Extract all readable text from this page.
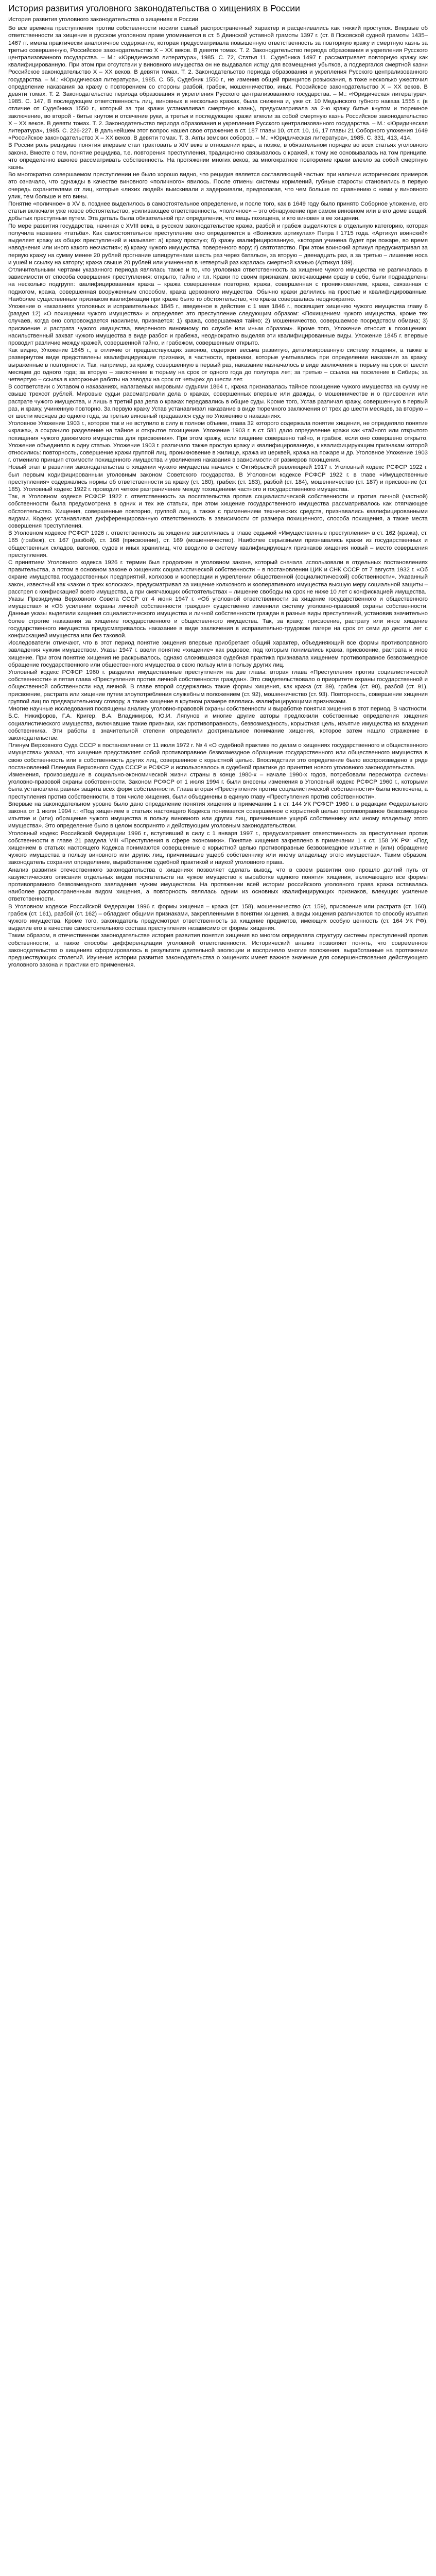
История развития уголовного законодательства о хищениях в России

История развития уголовного законодательства о хищениях в России

Во все времена преступления против собственности носили самый распространенный характер и расценивались как тяжкий проступок. Впервые об ответственности за хищение в русском уголовном праве упоминается в ст. 5 Двинской уставной грамоты 1397 г. (ст. 8 Псковской судной грамоты 1435–1467 гг. имела практически аналогичное содержание, которая предусматривала повышенную ответственность за повторную кражу и смертную казнь за третью совершенную, Российское законодательство X – XX веков. В девяти томах. Т. 2. Законодательство периода образования и укрепления Русского централизованного государства. – М.: «Юридическая литература», 1985. С. 72, Статья 11. Судебника 1497 г. рассматривает повторную кражу как квалифицированную. При этом при отсутствии у виновного имущества он не выдавался истцу для возмещения убытков, а подвергался смертной казни Российское законодательство X – XX веков. В девяти томах. Т. 2. Законодательство периода образования и укрепления Русского централизованного государства. – М.: «Юридическая литература», 1985. С. 55, Судебник 1550 г., не изменив общей принципов розыскания, в тоже несколько ужесточил определение наказания за кражу с повторением со стороны разбой, грабеж, мошенничество, иных. Российское законодательство X – XX веков. В девяти томах. Т. 2. Законодательство периода образования и укрепления Русского централизованного государства. – М.: «Юридическая литература», 1985. С. 147, В последующем ответственность лиц, виновных в несколько кражах, была снижена и, уже ст. 10 Медынского губного наказа 1555 г. (в отличие от Судебника 1550 г., который за три кражи устанавливал смертную казнь), предусматривала за 2-ю кражу битье кнутом и тюремное заключение, во второй - битье кнутом и отсечение руки, а третья и последующие кражи влекли за собой смертную казнь Российское законодательство X – XX веков. В девяти томах. Т. 2. Законодательство периода образования и укрепления Русского централизованного государства. – М.: «Юридическая литература», 1985. С. 226-227. В дальнейшем этот вопрос нашел свое отражение в ст. 187 главы 10, ст.ст. 10, 16, 17 главы 21 Соборного уложения 1649 «Российское законодательство X – XX веков. В девяти томах. Т. 3. Акты земских соборов. – М.: «Юридическая литература», 1985. С. 331, 413, 414.

В России роль рецидиве понятия впервые стал трактовать в XIV веке в отношении краж, а позже, в обязательном порядке во всех статьях уголовного закона. Вместе с тем, понятие рецидива, т.е. повторения преступления, традиционно связывалось с кражей, к тому же основывалась на том принципе, что определенно важнее рассматривать собственность. На протяжении многих веков, за многократное повторение кражи влекло за собой смертную казнь.

Во многократно совершаемом преступлении не было хорошо видно, что рецидив является составляющей частью: при наличии исторических примеров это означало, что однажды в качестве виновного «поличного» явилось. После отмены системы кормлений, губные старосты становились в первую очередь охранителями от лиц, которые «лихих людей» выискивали и задерживали, предполагая, что чем больше по сравнению с ними у виновного улик, тем больше и его вины.

Понятие «поличное» в XV в. позднее выделилось в самостоятельное определение, и после того, как в 1649 году было принято Соборное уложение, его статьи включали уже новое обстоятельство, усиливающее ответственность, «поличное» – это обнаружение при самом виновном или в его доме вещей, добытых преступным путем. Эта деталь была обязательной при определении, что вещь похищена, и кто виновен в ее хищении.

По мере развития государства, начиная с XVIII века, в русском законодательстве кража, разбой и грабеж выделяются в отдельную категорию, которая получила название «татьба». Как самостоятельное преступление оно определяется в «Воинских артикулах» Петра I 1715 года. «Артикул воинский» выделяет кражу из общих преступлений и называет: а) кражу простую; б) кражу квалифицированную, «которая учинена будет при пожаре, во время наводнения или иного какого несчастия»; в) кражу чужого имущества, поверенного вору; г) святотатство. При этом воинский артикул предусматривал за первую кражу на сумму менее 20 рублей прогнание шпицрутенами шесть раз через батальон, за вторую – двенадцать раз, а за третью – лишение носа и ушей и ссылку на каторгу; кража свыше 20 рублей или учиненная в четвертый раз каралась смертной казнью (Артикул 189).

Отличительными чертами указанного периода являлась также и то, что уголовная ответственность за хищение чужого имущества не различалась в зависимости от способа совершения преступления: открыто, тайно и т.п. Кражи по своим признакам, включающими сразу в себе, были подразделены на несколько подгрупп: квалифицированная кража – кража совершенная повторно, кража, совершенная с проникновением, кража, связанная с поджогом, кража, совершенная вооруженным способом, кража церковного имущества. Обычно кражи делились на простые и квалифицированные. Наиболее существенным признаком квалификации при краже было то обстоятельство, что кража совершалась неоднократно.

Уложение о наказаниях уголовных и исправительных 1845 г., введенное в действие с 1 мая 1846 г., посвящает хищению чужого имущества главу 6 (раздел 12) «О похищении чужого имущества» и определяет это преступление следующим образом: «Похищением чужого имущества, кроме тех случаев, когда оно сопровождается насилием, признается: 1) кража, совершаемая тайно; 2) мошенничество, совершаемое посредством обмана; 3) присвоение и растрата чужого имущества, вверенного виновному по службе или иным образом». Кроме того, Уложение относит к похищению: насильственный захват чужого имущества в виде разбоя и грабежа, неоднократно выделяя эти квалифицированные виды. Уложение 1845 г. впервые проводит различие между кражей, совершенной тайно, и грабежом, совершенным открыто.

Как видно, Уложение 1845 г., в отличие от предшествующих законов, содержит весьма развитую, детализированную систему хищения, а также в развернутом виде представлены квалифицирующие признаки, в частности, признаки, которые учитывались при определении наказания за кражу, выраженные в повторности. Так, например, за кражу, совершенную в первый раз, наказание назначалось в виде заключения в тюрьму на срок от шести месяцев до одного года; за вторую – заключение в тюрьму на срок от одного года до полутора лет; за третью – ссылка на поселение в Сибирь; за четвертую – ссылка в каторжные работы на заводах на срок от четырех до шести лет.

В соответствии с Уставом о наказаниях, налагаемых мировыми судьями 1864 г., кража признавалась тайное похищение чужого имущества на сумму не свыше трехсот рублей. Мировые судьи рассматривали дела о кражах, совершенных впервые или дважды, о мошенничестве и о присвоении или растрате чужого имущества, и лишь в третий раз дела о кражах передавались в общие суды. Кроме того, Устав различал кражу, совершенную в первый раз, и кражу, учиненную повторно. За первую кражу Устав устанавливал наказание в виде тюремного заключения от трех до шести месяцев, за вторую – от шести месяцев до одного года, за третью виновный предавался суду по Уложению о наказаниях.

Уголовное Уложение 1903 г., которое так и не вступило в силу в полном объеме, глава 32 которого содержала понятие хищения, не определяло понятие «кража», а сохранило разделение на тайное и открытое похищение. Уложение 1903 г. в ст. 581 дало определение кражи как «тайного или открытого похищения чужого движимого имущества для присвоения». При этом кражу, если хищение совершено тайно, и грабеж, если оно совершено открыто, Уложение объединяло в одну статью. Уложение 1903 г. различало также простую кражу и квалифицированную, к квалифицирующим признакам которой относились: повторность, совершение кражи группой лиц, проникновение в жилище, кража из церквей, кража на пожаре и др. Уголовное Уложение 1903 г. отменило принцип стоимости похищенного имущества и увеличения наказания в зависимости от размеров похищения.

Новый этап в развитии законодательства о хищении чужого имущества начался с Октябрьской революцией 1917 г. Уголовный кодекс РСФСР 1922 г. был первым кодифицированным уголовным законом Советского государства. В Уголовном кодексе РСФСР 1922 г. в главе «Имущественные преступления» содержались нормы об ответственности за кражу (ст. 180), грабеж (ст. 183), разбой (ст. 184), мошенничество (ст. 187) и присвоение (ст. 185). Уголовный кодекс 1922 г. проводил четкое разграничение между похищением частного и государственного имущества.

Так, в Уголовном кодексе РСФСР 1922 г. ответственность за посягательства против социалистической собственности и против личной (частной) собственности была предусмотрена в одних и тех же статьях, при этом хищение государственного имущества рассматривалось как отягчающее обстоятельство. Хищения, совершенные повторно, группой лиц, а также с применением технических средств, признавались квалифицированными видами. Кодекс устанавливал дифференцированную ответственность в зависимости от размера похищенного, способа похищения, а также места совершения преступления.

В Уголовном кодексе РСФСР 1926 г. ответственность за хищение закреплялась в главе седьмой «Имущественные преступления» в ст. 162 (кража), ст. 165 (грабеж), ст. 167 (разбой), ст. 168 (присвоение), ст. 169 (мошенничество). Наиболее серьезными признавались кражи из государственных и общественных складов, вагонов, судов и иных хранилищ, что вводило в систему квалифицирующих признаков хищения новый – место совершения преступления.

С принятием Уголовного кодекса 1926 г. термин был продолжен в уголовном законе, который сначала использовали в отдельных постановлениях правительства, а потом в основном законе о хищениях социалистической собственности – в постановлении ЦИК и СНК СССР от 7 августа 1932 г. «Об охране имущества государственных предприятий, колхозов и кооперации и укреплении общественной (социалистической) собственности». Указанный закон, известный как «закон о трех колосках», предусматривал за хищение колхозного и кооперативного имущества высшую меру социальной защиты – расстрел с конфискацией всего имущества, а при смягчающих обстоятельствах – лишение свободы на срок не ниже 10 лет с конфискацией имущества.

Указы Президиума Верховного Совета СССР от 4 июня 1947 г. «Об уголовной ответственности за хищение государственного и общественного имущества» и «Об усилении охраны личной собственности граждан» существенно изменили систему уголовно-правовой охраны собственности. Данные указы выделили хищения социалистического имущества и личной собственности граждан в разные виды преступлений, установив значительно более строгие наказания за хищение государственного и общественного имущества. Так, за кражу, присвоение, растрату или иное хищение государственного имущества предусматривалось наказание в виде заключения в исправительно-трудовом лагере на срок от семи до десяти лет с конфискацией имущества или без таковой.

Исследователи отмечают, что в этот период понятие хищения впервые приобретает общий характер, объединяющий все формы противоправного завладения чужим имуществом. Указы 1947 г. ввели понятие «хищение» как родовое, под которым понимались кража, присвоение, растрата и иное хищение. При этом понятие хищения не раскрывалось, однако сложившаяся судебная практика признавала хищением противоправное безвозмездное обращение государственного или общественного имущества в свою пользу или в пользу других лиц.

Уголовный кодекс РСФСР 1960 г. разделил имущественные преступления на две главы: вторая глава «Преступления против социалистической собственности» и пятая глава «Преступления против личной собственности граждан». Это свидетельствовало о приоритете охраны государственной и общественной собственности над личной. В главе второй содержались такие формы хищения, как кража (ст. 89), грабеж (ст. 90), разбой (ст. 91), присвоение, растрата или хищение путем злоупотребления служебным положением (ст. 92), мошенничество (ст. 93). Повторность, совершение хищения группой лиц по предварительному сговору, а также хищение в крупном размере являлись квалифицирующими признаками.

Многие научные исследования посвящены анализу уголовно-правовой охраны собственности и выработке понятия хищения в этот период. В частности, Б.С. Никифоров, Г.А. Кригер, В.А. Владимиров, Ю.И. Ляпунов и многие другие авторы предложили собственные определения хищения социалистического имущества, включавшие такие признаки, как противоправность, безвозмездность, корыстная цель, изъятие имущества из владения собственника. Эти работы в значительной степени определили доктринальное понимание хищения, которое затем нашло отражение в законодательстве.

Пленум Верховного Суда СССР в постановлении от 11 июля 1972 г. № 4 «О судебной практике по делам о хищениях государственного и общественного имущества» указал, что хищение представляет собой противоправное безвозмездное обращение государственного или общественного имущества в свою собственность или в собственность других лиц, совершенное с корыстной целью. Впоследствии это определение было воспроизведено в ряде постановлений Пленума Верховного Суда СССР и РСФСР и использовалось в судебной практике до принятия нового уголовного законодательства.

Изменения, произошедшие в социально-экономической жизни страны в конце 1980-х – начале 1990-х годов, потребовали пересмотра системы уголовно-правовой охраны собственности. Законом РСФСР от 1 июля 1994 г. были внесены изменения в Уголовный кодекс РСФСР 1960 г., которыми была установлена равная защита всех форм собственности. Глава вторая «Преступления против социалистической собственности» была исключена, а преступления против собственности, в том числе хищения, были объединены в единую главу «Преступления против собственности».

Впервые на законодательном уровне было дано определение понятия хищения в примечании 1 к ст. 144 УК РСФСР 1960 г. в редакции Федерального закона от 1 июля 1994 г.: «Под хищением в статьях настоящего Кодекса понимается совершенное с корыстной целью противоправное безвозмездное изъятие и (или) обращение чужого имущества в пользу виновного или других лиц, причинившее ущерб собственнику или иному владельцу этого имущества». Это определение было в целом воспринято и действующим уголовным законодательством.

Уголовный кодекс Российской Федерации 1996 г., вступивший в силу с 1 января 1997 г., предусматривает ответственность за преступления против собственности в главе 21 раздела VIII «Преступления в сфере экономики». Понятие хищения закреплено в примечании 1 к ст. 158 УК РФ: «Под хищением в статьях настоящего Кодекса понимаются совершенные с корыстной целью противоправные безвозмездное изъятие и (или) обращение чужого имущества в пользу виновного или других лиц, причинившие ущерб собственнику или иному владельцу этого имущества». Таким образом, законодатель сохранил определение, выработанное судебной практикой и наукой уголовного права.

Анализ развития отечественного законодательства о хищениях позволяет сделать вывод, что в своем развитии оно прошло долгий путь от казуистического описания отдельных видов посягательств на чужое имущество к выработке единого понятия хищения, включающего все формы противоправного безвозмездного завладения чужим имуществом. На протяжении всей истории российского уголовного права кража оставалась наиболее распространенным видом хищения, а повторность являлась одним из основных квалифицирующих признаков, влекущих усиление ответственности.

В Уголовном кодексе Российской Федерации 1996 г. формы хищения – кража (ст. 158), мошенничество (ст. 159), присвоение или растрата (ст. 160), грабеж (ст. 161), разбой (ст. 162) – обладают общими признаками, закрепленными в понятии хищения, а виды хищения различаются по способу изъятия чужого имущества. Кроме того, законодатель предусмотрел ответственность за хищение предметов, имеющих особую ценность (ст. 164 УК РФ), выделив его в качестве самостоятельного состава преступления независимо от формы хищения.

Таким образом, в отечественном законодательстве история развития понятия хищения во многом определяла структуру системы преступлений против собственности, а также способы дифференциации уголовной ответственности. Исторический анализ позволяет понять, что современное законодательство о хищениях сформировалось в результате длительной эволюции и восприняло многие положения, выработанные на протяжении предшествующих столетий. Изучение истории развития законодательства о хищениях имеет важное значение для совершенствования действующего уголовного закона и практики его применения.
